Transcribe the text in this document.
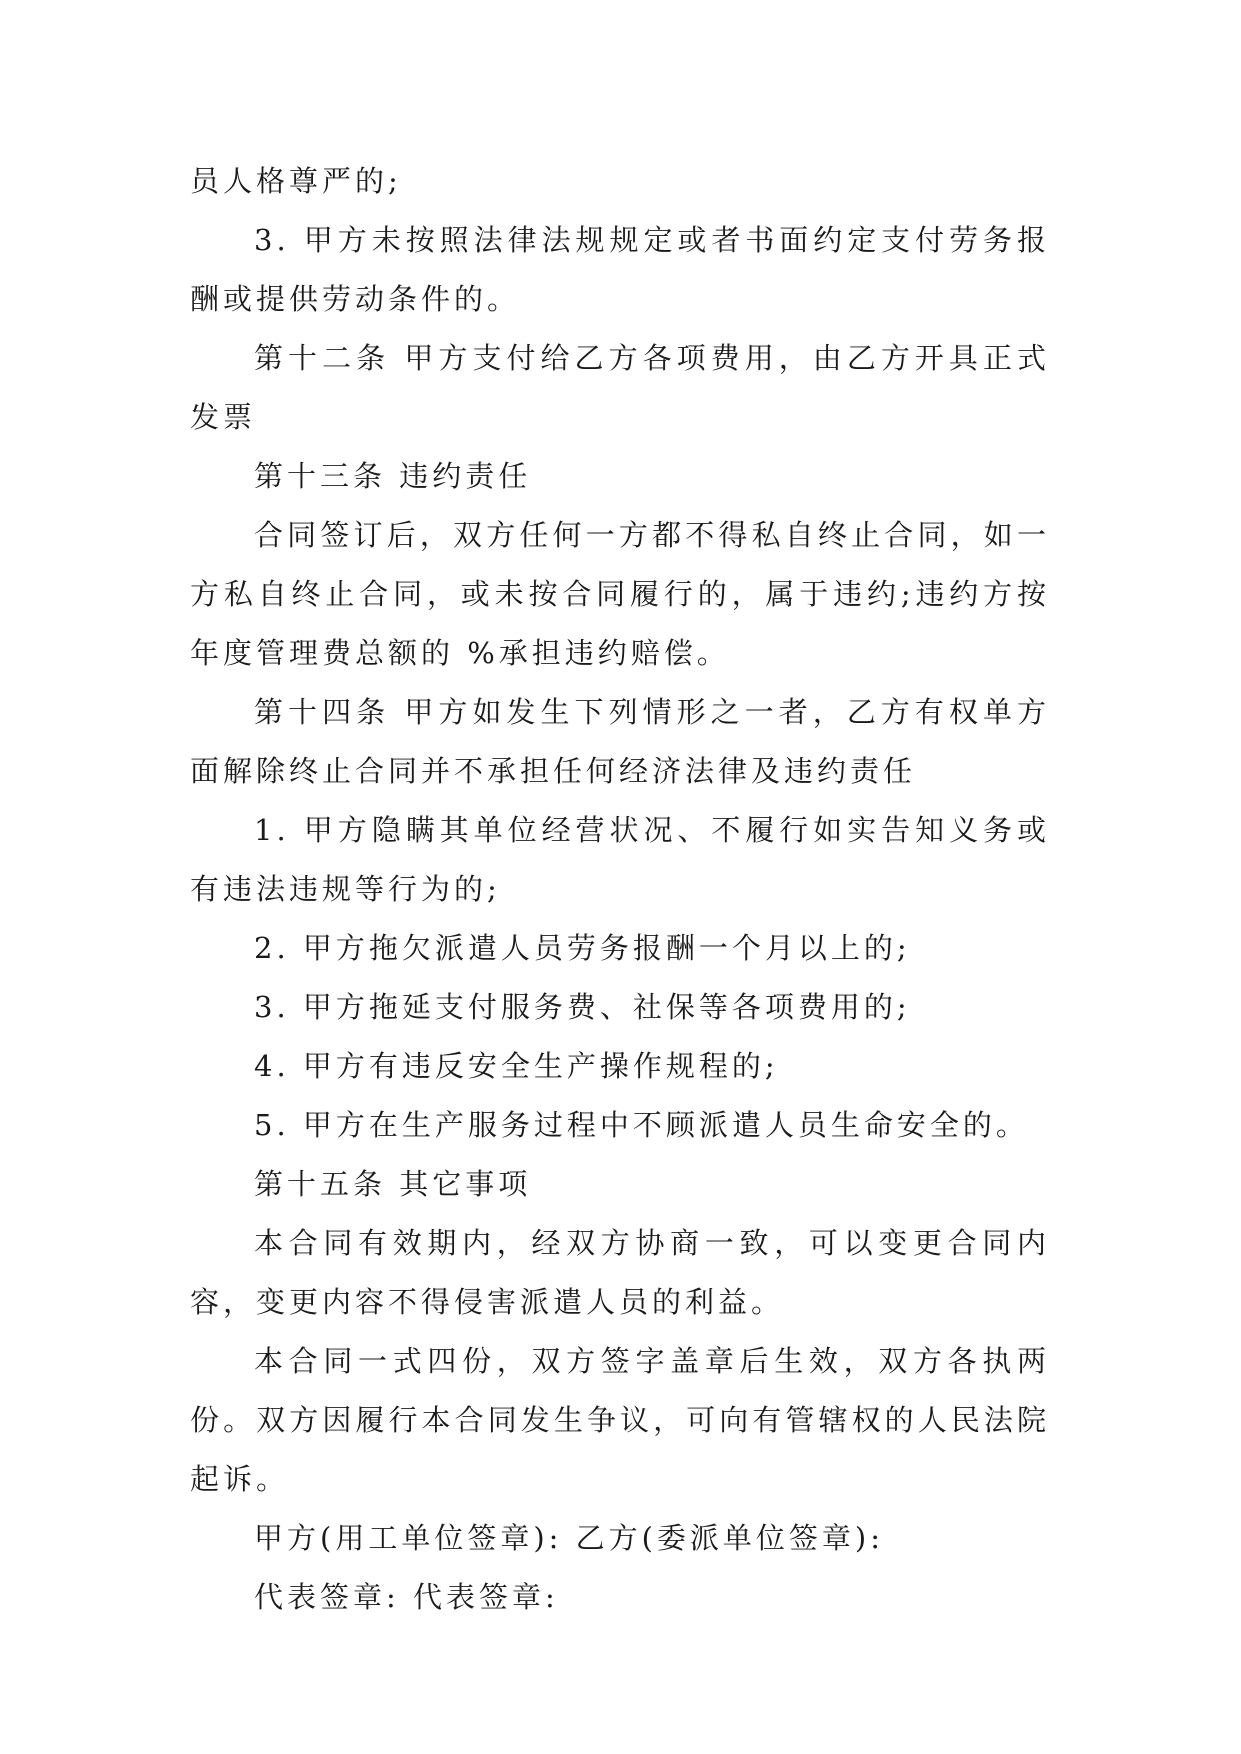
员人格尊严的;

3. 甲方未按照法律法规规定或者书面约定支付劳务报酬或提供劳动条件的。

第十二条 甲方支付给乙方各项费用，由乙方开具正式发票

第十三条 违约责任

合同签订后，双方任何一方都不得私自终止合同，如一方私自终止合同，或未按合同履行的，属于违约;违约方按年度管理费总额的 %承担违约赔偿。

第十四条 甲方如发生下列情形之一者，乙方有权单方面解除终止合同并不承担任何经济法律及违约责任

1. 甲方隐瞒其单位经营状况、不履行如实告知义务或有违法违规等行为的;

2. 甲方拖欠派遣人员劳务报酬一个月以上的;

3. 甲方拖延支付服务费、社保等各项费用的;

4. 甲方有违反安全生产操作规程的;

5. 甲方在生产服务过程中不顾派遣人员生命安全的。

第十五条 其它事项

本合同有效期内，经双方协商一致，可以变更合同内容，变更内容不得侵害派遣人员的利益。

本合同一式四份，双方签字盖章后生效，双方各执两份。双方因履行本合同发生争议，可向有管辖权的人民法院起诉。

甲方(用工单位签章): 乙方(委派单位签章):

代表签章: 代表签章:
